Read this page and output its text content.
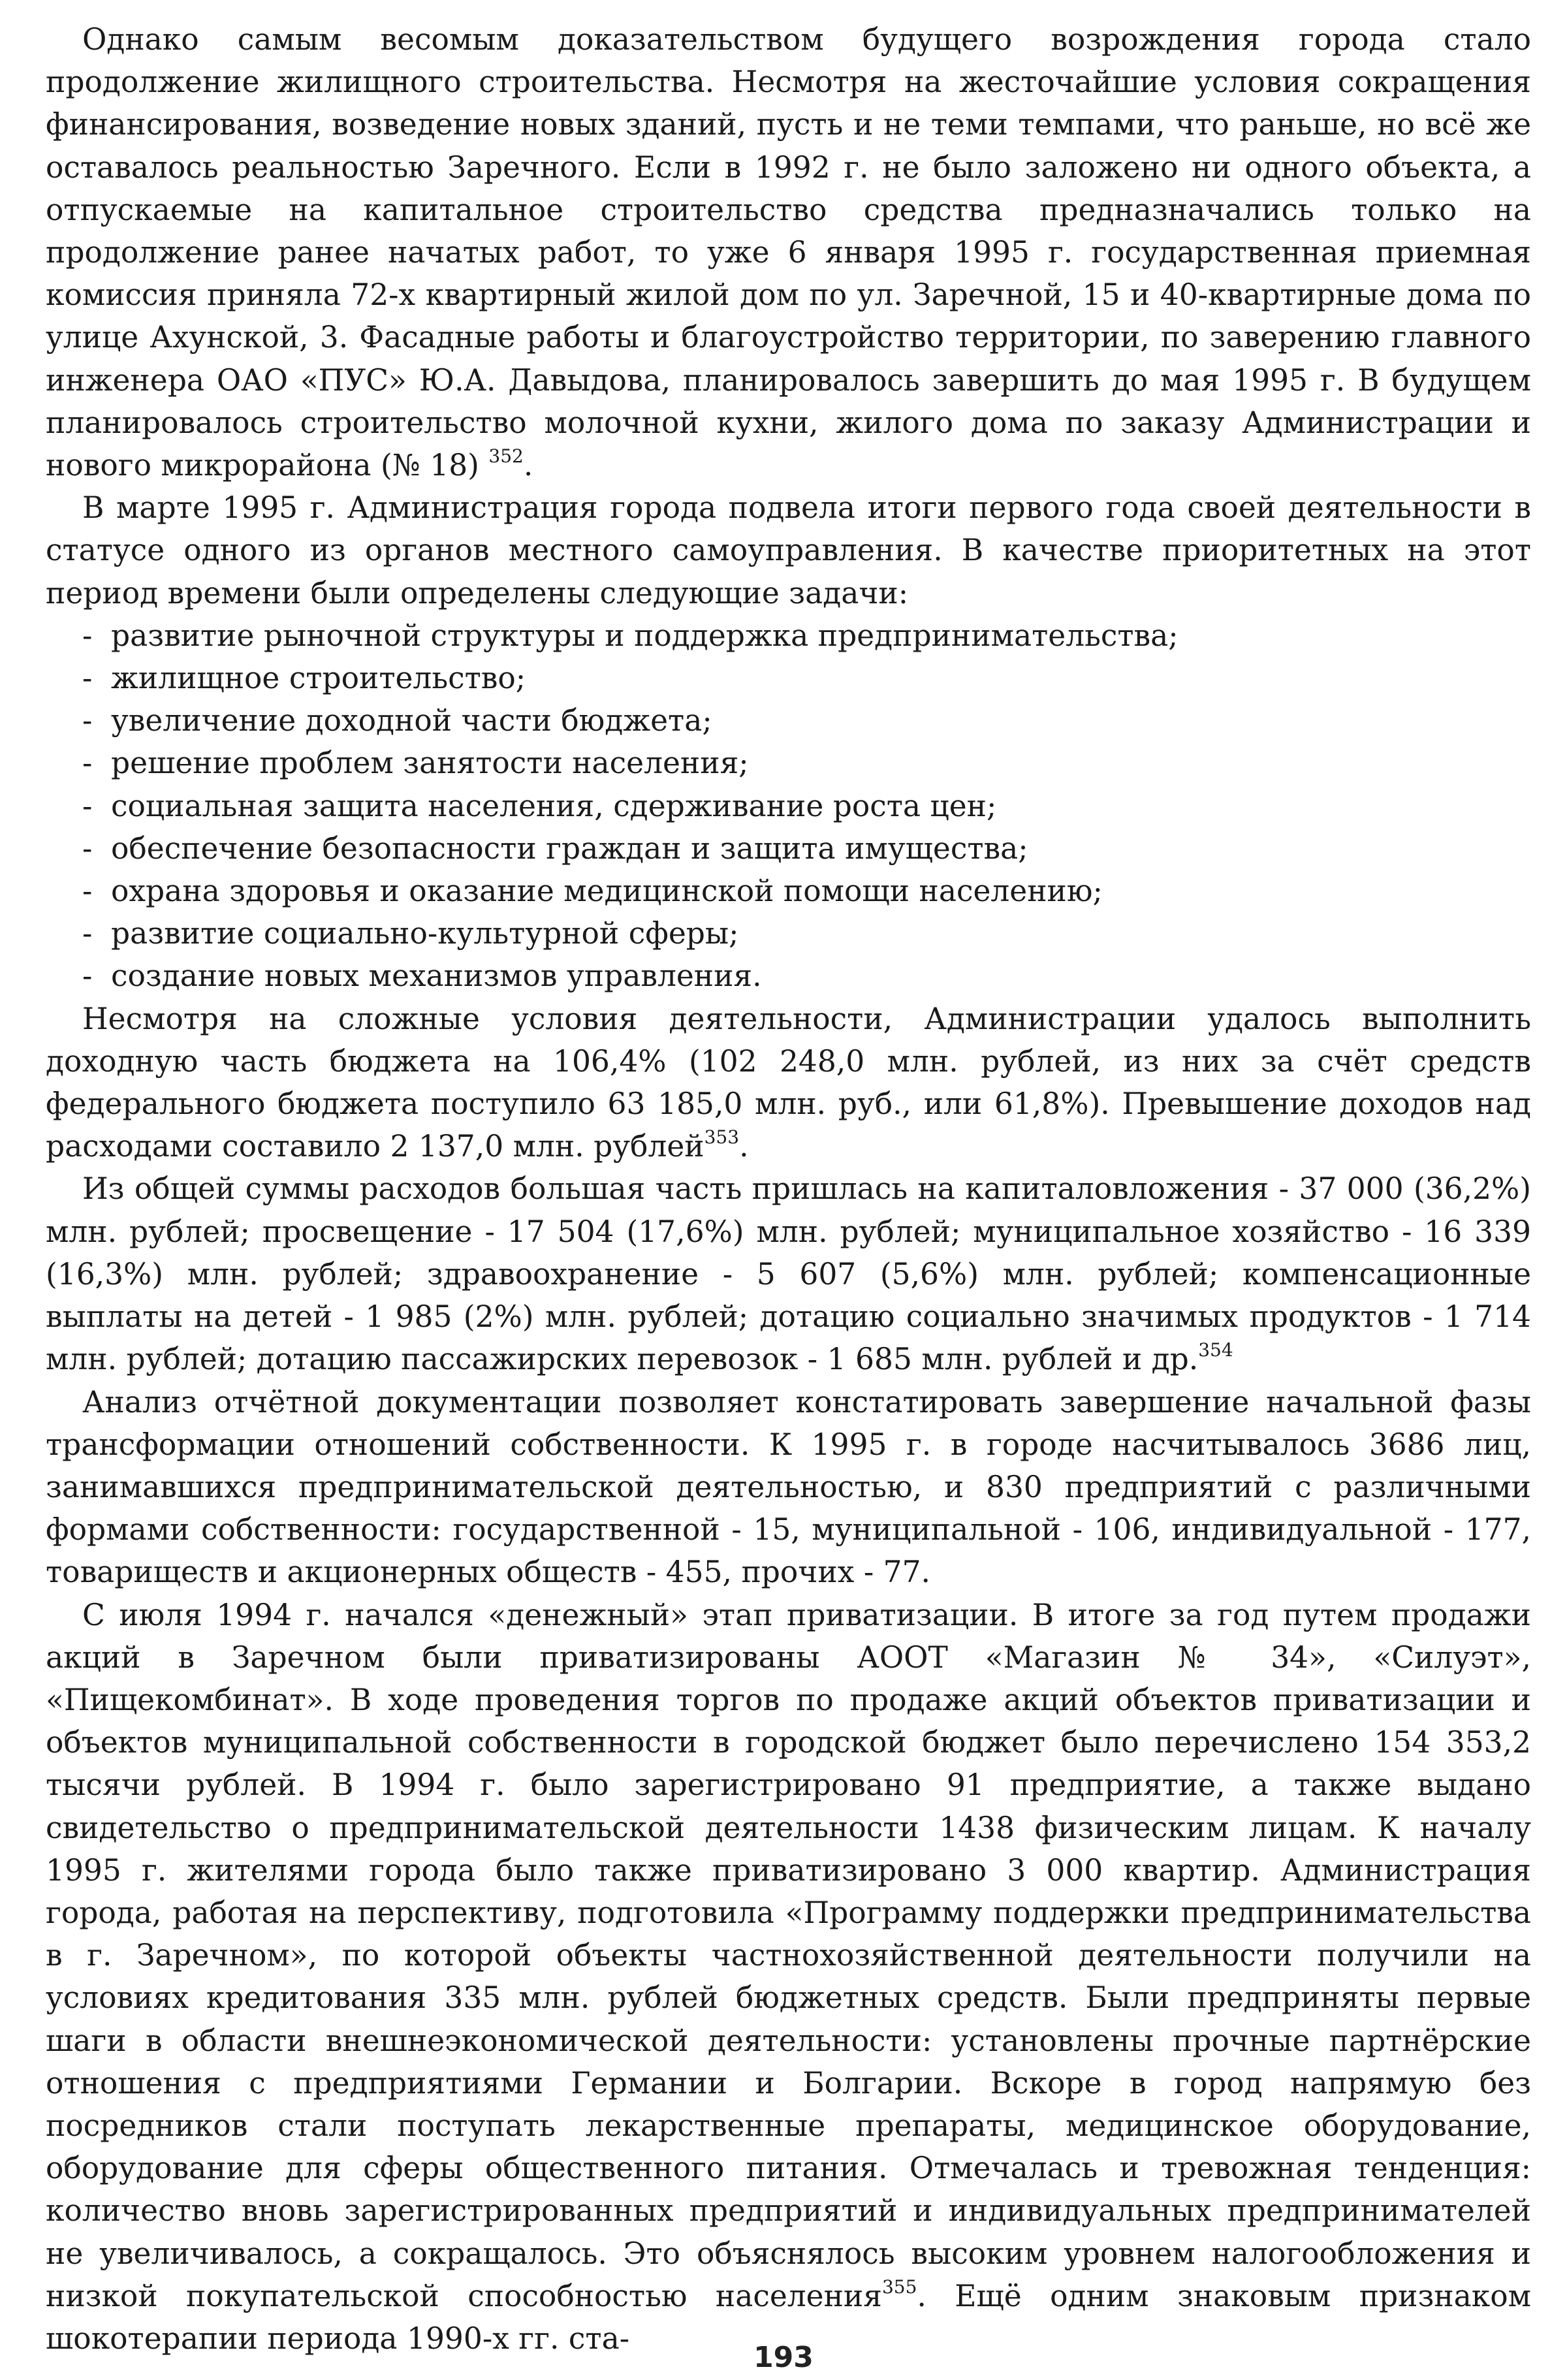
Однако самым весомым доказательством будущего возрождения города стало продолжение жилищного строительства. Несмотря на жесточайшие условия сокращения финансирования, возведение новых зданий, пусть и не теми темпами, что раньше, но всё же оставалось реальностью Заречного. Если в 1992 г. не было заложено ни одного объекта, а отпускаемые на капитальное строительство средства предназначались только на продолжение ранее начатых работ, то уже 6 января 1995 г. государственная приемная комиссия приняла 72-х квартирный жилой дом по ул. Заречной, 15 и 40-квартирные дома по улице Ахунской, 3. Фасадные работы и благоустройство территории, по заверению главного инженера ОАО «ПУС» Ю.А. Давыдова, планировалось завершить до мая 1995 г. В будущем планировалось строительство молочной кухни, жилого дома по заказу Администрации и нового микрорайона (№ 18) $^{352}$.

В марте 1995 г. Администрация города подвела итоги первого года своей деятельности в статусе одного из органов местного самоуправления. В качестве приоритетных на этот период времени были определены следующие задачи:

- развитие рыночной структуры и поддержка предпринимательства;
- жилищное строительство;
- увеличение доходной части бюджета;
- решение проблем занятости населения;
- социальная защита населения, сдерживание роста цен;
- обеспечение безопасности граждан и защита имущества;
- охрана здоровья и оказание медицинской помощи населению;
- развитие социально-культурной сферы;
- создание новых механизмов управления.

Несмотря на сложные условия деятельности, Администрации удалось выполнить доходную часть бюджета на 106,4% (102 248,0 млн. рублей, из них за счёт средств федерального бюджета поступило 63 185,0 млн. руб., или 61,8%). Превышение доходов над расходами составило 2 137,0 млн. рублей$^{353}$.

Из общей суммы расходов большая часть пришлась на капиталовложения - 37 000 (36,2%) млн. рублей; просвещение - 17 504 (17,6%) млн. рублей; муниципальное хозяйство - 16 339 (16,3%) млн. рублей; здравоохранение - 5 607 (5,6%) млн. рублей; компенсационные выплаты на детей - 1 985 (2%) млн. рублей; дотацию социально значимых продуктов - 1 714 млн. рублей; дотацию пассажирских перевозок - 1 685 млн. рублей и др.$^{354}$

Анализ отчётной документации позволяет констатировать завершение начальной фазы трансформации отношений собственности. К 1995 г. в городе насчитывалось 3686 лиц, занимавшихся предпринимательской деятельностью, и 830 предприятий с различными формами собственности: государственной - 15, муниципальной - 106, индивидуальной - 177, товариществ и акционерных обществ - 455, прочих - 77.

С июля 1994 г. начался «денежный» этап приватизации. В итоге за год путем продажи акций в Заречном были приватизированы АООТ «Магазин № 34», «Силуэт», «Пищекомбинат». В ходе проведения торгов по продаже акций объектов приватизации и объектов муниципальной собственности в городской бюджет было перечислено 154 353,2 тысячи рублей. В 1994 г. было зарегистрировано 91 предприятие, а также выдано свидетельство о предпринимательской деятельности 1438 физическим лицам. К началу 1995 г. жителями города было также приватизировано 3 000 квартир. Администрация города, работая на перспективу, подготовила «Программу поддержки предпринимательства в г. Заречном», по которой объекты частнохозяйственной деятельности получили на условиях кредитования 335 млн. рублей бюджетных средств. Были предприняты первые шаги в области внешнеэкономической деятельности: установлены прочные партнёрские отношения с предприятиями Германии и Болгарии. Вскоре в город напрямую без посредников стали поступать лекарственные препараты, медицинское оборудование, оборудование для сферы общественного питания. Отмечалась и тревожная тенденция: количество вновь зарегистрированных предприятий и индивидуальных предпринимателей не увеличивалось, а сокращалось. Это объяснялось высоким уровнем налогообложения и низкой покупательской способностью населения$^{355}$. Ещё одним знаковым признаком шокотерапии периода 1990-х гг. ста-

193
